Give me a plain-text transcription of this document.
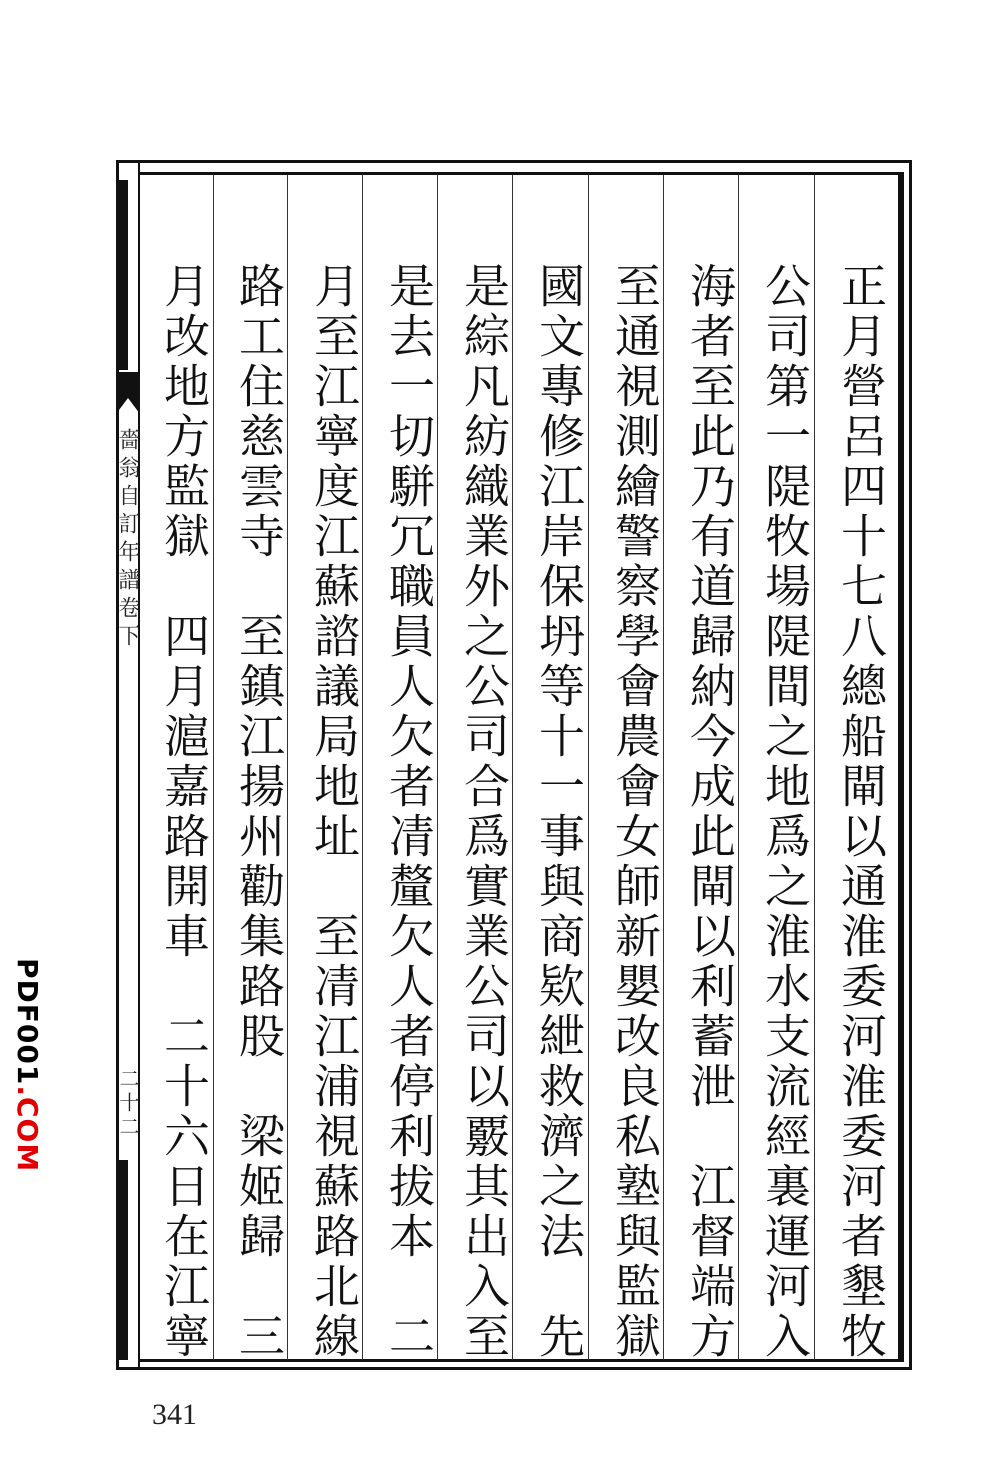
嗇翁自訂年譜卷下
二十二	正月營呂四十七八總船閘以通淮委河淮委河者墾牧
公司第一隄牧場隄間之地爲之淮水支流經裏運河入
海者至此乃有道歸納今成此閘以利蓄泄　江督端方
至通視測繪警察學會農會女師新嬰改良私塾與監獄
國文專修江岸保坍等十一事與商欵紲救濟之法　先
是綜凡紡織業外之公司合爲實業公司以覈其出入至
是去一切駢冗職員人欠者凊釐欠人者停利拔本　二
月至江寧度江蘇諮議局地址　至凊江浦視蘇路北線
路工住慈雲寺　至鎮江揚州勸集路股　梁姬歸　三
月改地方監獄　四月滬嘉路開車　二十六日在江寧
341
PDF001.COM
